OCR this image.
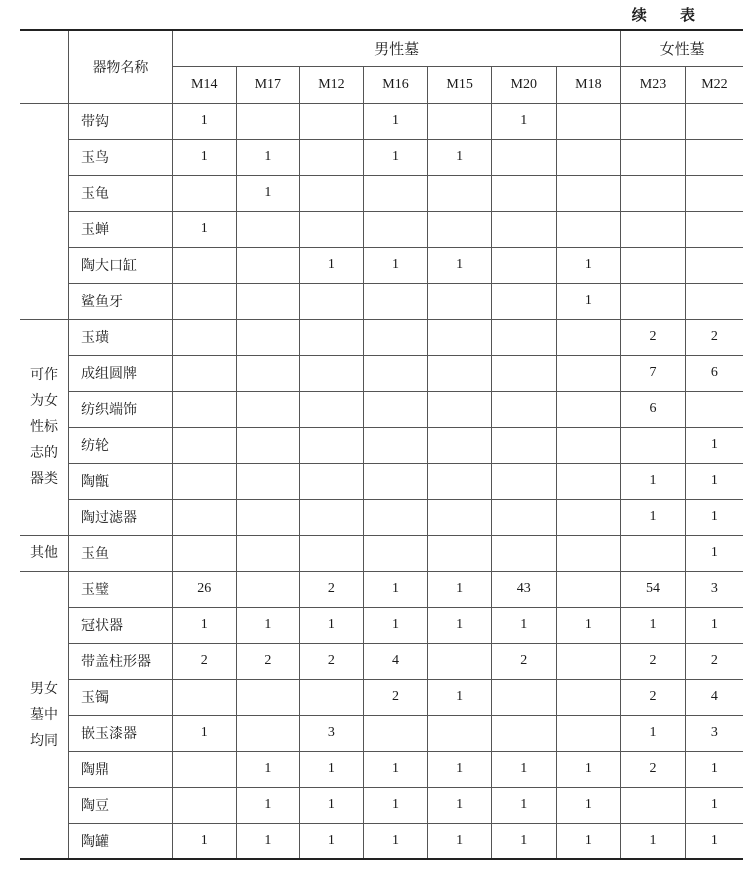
续 表
	器物名称	男性墓							女性墓	
		M14	M17	M12	M16	M15	M20	M18	M23	M22
	带钩	1			1		1			
	玉鸟	1	1		1	1				
	玉龟		1							
	玉蝉	1								
	陶大口缸			1	1	1		1		
	鲨鱼牙							1		

可作
为女
性标
志的
器类	玉璜								2	2
	成组圆牌								7	6
	纺织端饰								6	
	纺轮									1
	陶甑								1	1
	陶过滤器								1	1

其他	玉鱼									1

男女
墓中
均同	玉璧	26		2	1	1	43		54	3
	冠状器	1	1	1	1	1	1	1	1	1
	带盖柱形器	2	2	2	4		2		2	2
	玉镯				2	1			2	4
	嵌玉漆器	1		3					1	3
	陶鼎		1	1	1	1	1	1	2	1
	陶豆		1	1	1	1	1	1		1
	陶罐	1	1	1	1	1	1	1	1	1
